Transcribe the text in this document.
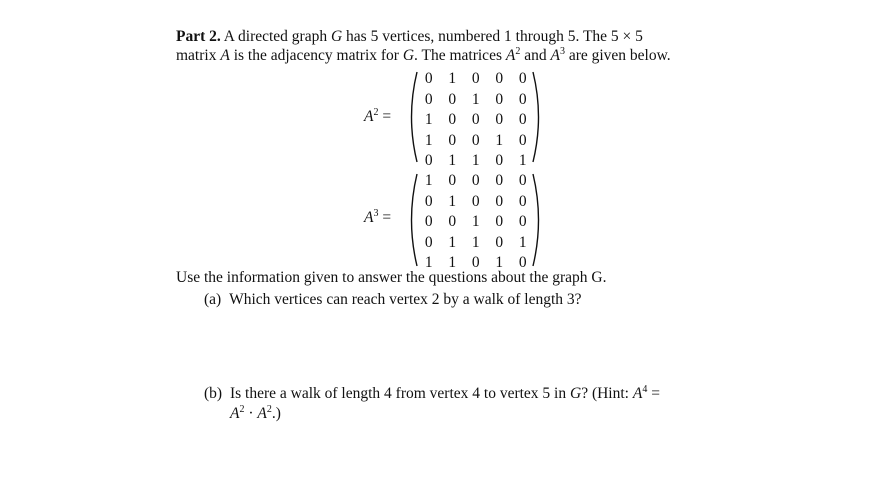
Part 2. A directed graph G has 5 vertices, numbered 1 through 5. The 5 × 5
matrix A is the adjacency matrix for G. The matrices $A^2$ and $A^3$ are given below.
$A^2$ =
0	1	0	0	0
0	0	1	0	0
1	0	0	0	0
1	0	0	1	0
0	1	1	0	1
$A^3$ =
1	0	0	0	0
0	1	0	0	0
0	0	1	0	0
0	1	1	0	1
1	1	0	1	0
Use the information given to answer the questions about the graph G.
(a) Which vertices can reach vertex 2 by a walk of length 3?
(b) Is there a walk of length 4 from vertex 4 to vertex 5 in G? (Hint: $A^4$ =
$A^2 \cdot A^2$.)
